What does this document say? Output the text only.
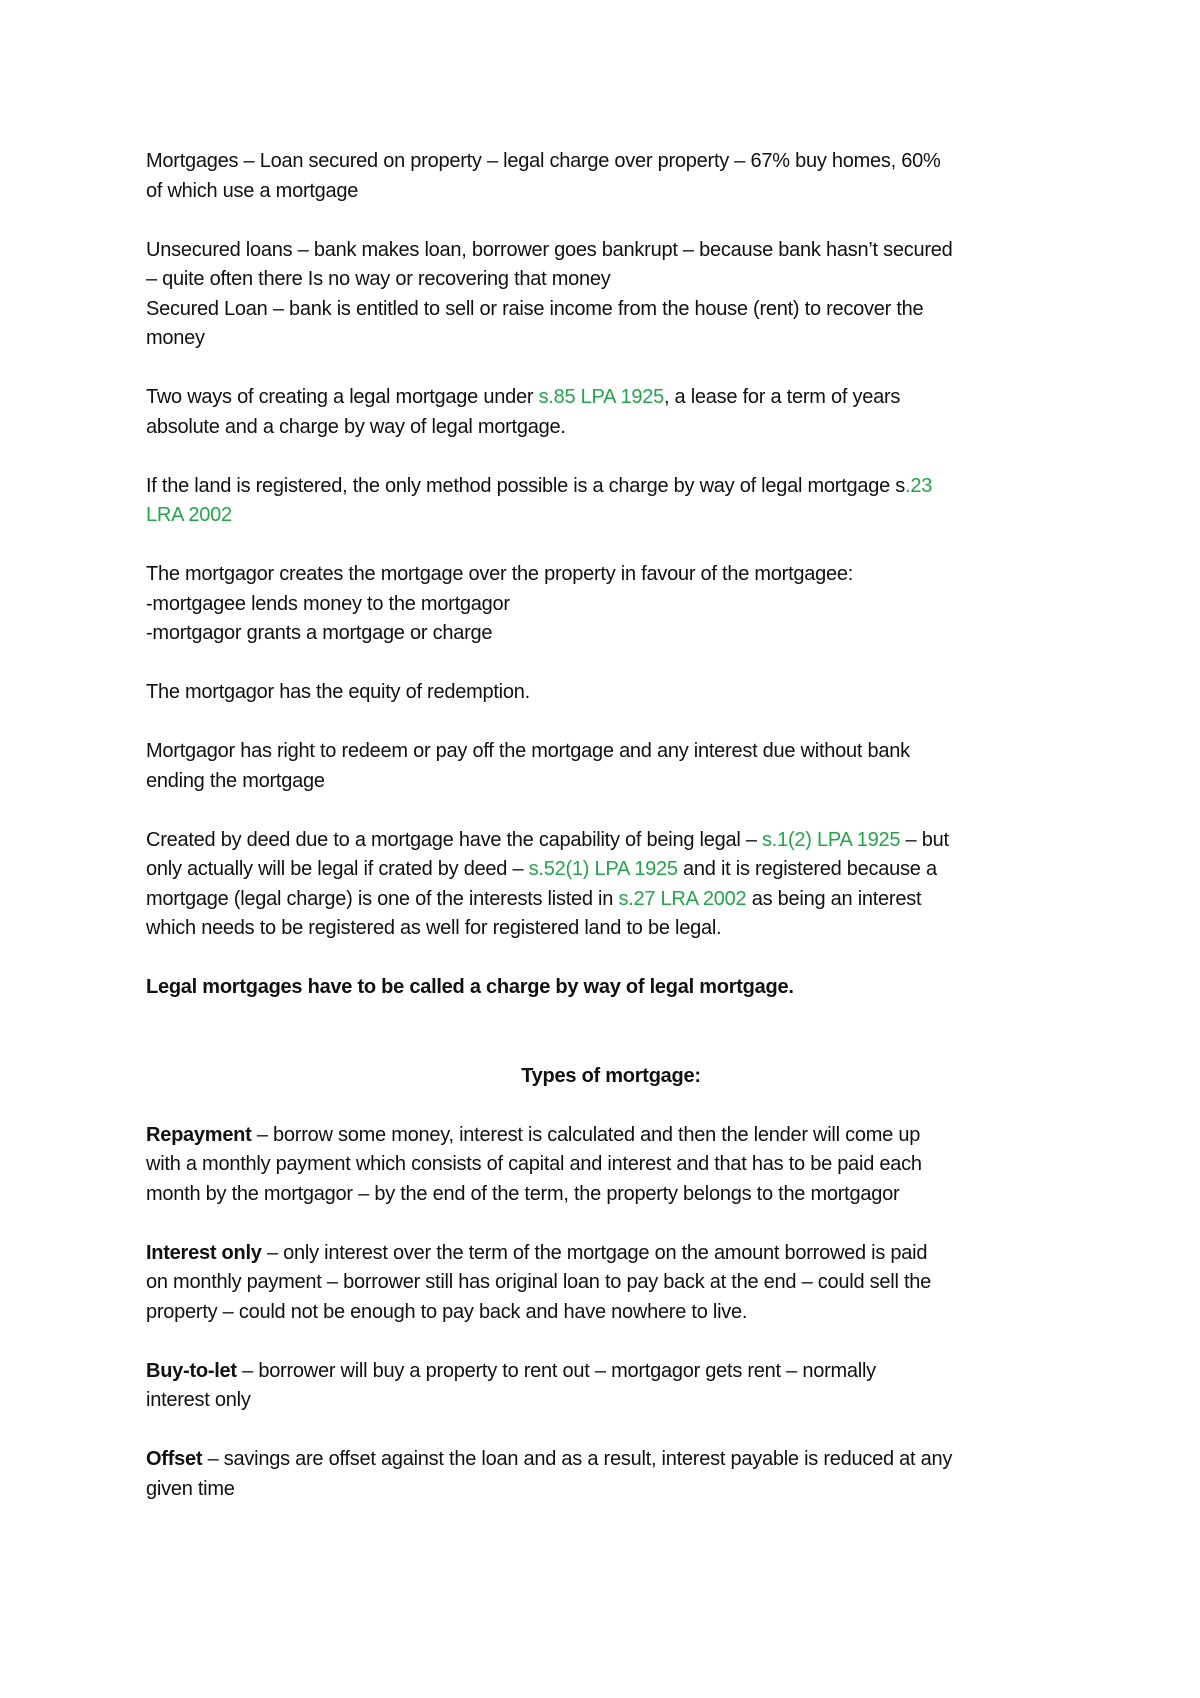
Mortgages – Loan secured on property – legal charge over property – 67% buy homes, 60%
of which use a mortgage
Unsecured loans – bank makes loan, borrower goes bankrupt – because bank hasn’t secured
– quite often there Is no way or recovering that money
Secured Loan – bank is entitled to sell or raise income from the house (rent) to recover the
money
Two ways of creating a legal mortgage under s.85 LPA 1925, a lease for a term of years
absolute and a charge by way of legal mortgage.
If the land is registered, the only method possible is a charge by way of legal mortgage s.23
LRA 2002
The mortgagor creates the mortgage over the property in favour of the mortgagee:
-mortgagee lends money to the mortgagor
-mortgagor grants a mortgage or charge
The mortgagor has the equity of redemption.
Mortgagor has right to redeem or pay off the mortgage and any interest due without bank
ending the mortgage
Created by deed due to a mortgage have the capability of being legal – s.1(2) LPA 1925 – but
only actually will be legal if crated by deed – s.52(1) LPA 1925 and it is registered because a
mortgage (legal charge) is one of the interests listed in s.27 LRA 2002 as being an interest
which needs to be registered as well for registered land to be legal.
Legal mortgages have to be called a charge by way of legal mortgage.
Types of mortgage:
Repayment – borrow some money, interest is calculated and then the lender will come up
with a monthly payment which consists of capital and interest and that has to be paid each
month by the mortgagor – by the end of the term, the property belongs to the mortgagor
Interest only – only interest over the term of the mortgage on the amount borrowed is paid
on monthly payment – borrower still has original loan to pay back at the end – could sell the
property – could not be enough to pay back and have nowhere to live.
Buy-to-let – borrower will buy a property to rent out – mortgagor gets rent – normally
interest only
Offset – savings are offset against the loan and as a result, interest payable is reduced at any
given time
